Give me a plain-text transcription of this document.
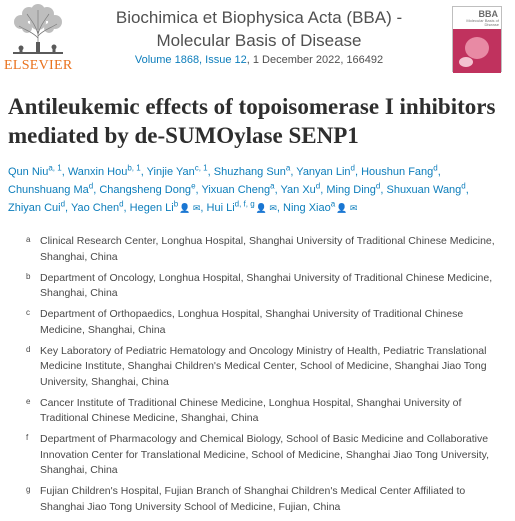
ELSEVIER
Biochimica et Biophysica Acta (BBA) - Molecular Basis of Disease
Volume 1868, Issue 12, 1 December 2022, 166492
BBA
Molecular Basis of Disease
Antileukemic effects of topoisomerase I inhibitors mediated by de-SUMOylase SENP1
Qun Niu$^{a, 1}$, Wanxin Hou$^{b, 1}$, Yinjie Yan$^{c, 1}$, Shuzhang Sun$^a$, Yanyan Lin$^d$, Houshun Fang$^d$, Chunshuang Ma$^d$, Changsheng Dong$^e$, Yixuan Cheng$^a$, Yan Xu$^d$, Ming Ding$^d$, Shuxuan Wang$^d$, Zhiyan Cui$^d$, Yao Chen$^d$, Hegen Li$^b$👤 ✉, Hui Li$^{d, f, g}$👤 ✉, Ning Xiao$^a$👤 ✉
a Clinical Research Center, Longhua Hospital, Shanghai University of Traditional Chinese Medicine, Shanghai, China
b Department of Oncology, Longhua Hospital, Shanghai University of Traditional Chinese Medicine, Shanghai, China
c Department of Orthopaedics, Longhua Hospital, Shanghai University of Traditional Chinese Medicine, Shanghai, China
d Key Laboratory of Pediatric Hematology and Oncology Ministry of Health, Pediatric Translational Medicine Institute, Shanghai Children's Medical Center, School of Medicine, Shanghai Jiao Tong University, Shanghai, China
e Cancer Institute of Traditional Chinese Medicine, Longhua Hospital, Shanghai University of Traditional Chinese Medicine, Shanghai, China
f Department of Pharmacology and Chemical Biology, School of Basic Medicine and Collaborative Innovation Center for Translational Medicine, School of Medicine, Shanghai Jiao Tong University, Shanghai, China
g Fujian Children's Hospital, Fujian Branch of Shanghai Children's Medical Center Affiliated to Shanghai Jiao Tong University School of Medicine, Fujian, China
